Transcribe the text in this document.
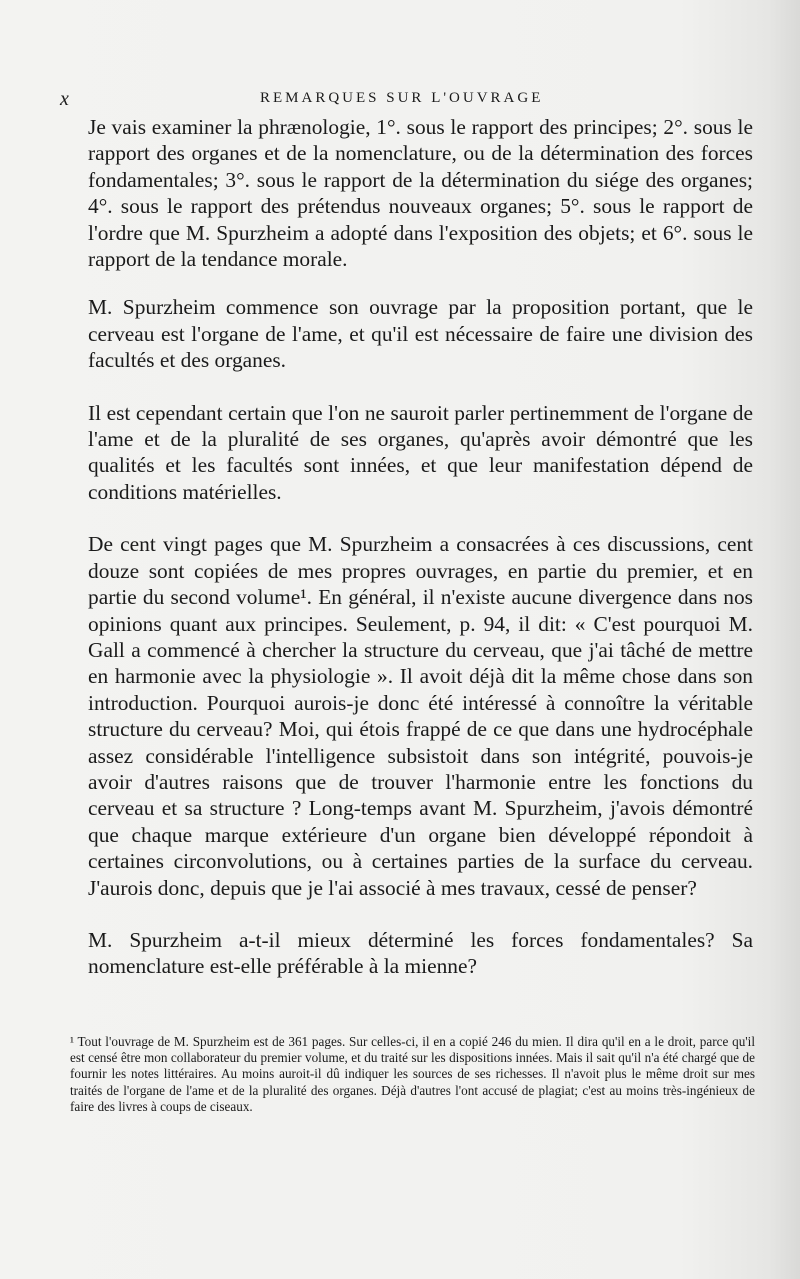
x	REMARQUES SUR L'OUVRAGE

Je vais examiner la phrænologie, 1°. sous le rapport des principes; 2°. sous le rapport des organes et de la nomenclature, ou de la détermination des forces fondamentales; 3°. sous le rapport de la détermination du siége des organes; 4°. sous le rapport des prétendus nouveaux organes; 5°. sous le rapport de l'ordre que M. Spurzheim a adopté dans l'exposition des objets; et 6°. sous le rapport de la tendance morale.

M. Spurzheim commence son ouvrage par la proposition portant, que le cerveau est l'organe de l'ame, et qu'il est nécessaire de faire une division des facultés et des organes.

Il est cependant certain que l'on ne sauroit parler pertinemment de l'organe de l'ame et de la pluralité de ses organes, qu'après avoir démontré que les qualités et les facultés sont innées, et que leur manifestation dépend de conditions matérielles.

De cent vingt pages que M. Spurzheim a consacrées à ces discussions, cent douze sont copiées de mes propres ouvrages, en partie du premier, et en partie du second volume¹. En général, il n'existe aucune divergence dans nos opinions quant aux principes. Seulement, p. 94, il dit: « C'est pourquoi M. Gall a commencé à chercher la structure du cerveau, que j'ai tâché de mettre en harmonie avec la physiologie ». Il avoit déjà dit la même chose dans son introduction. Pourquoi aurois-je donc été intéressé à connoître la véritable structure du cerveau? Moi, qui étois frappé de ce que dans une hydrocéphale assez considérable l'intelligence subsistoit dans son intégrité, pouvois-je avoir d'autres raisons que de trouver l'harmonie entre les fonctions du cerveau et sa structure ? Long-temps avant M. Spurzheim, j'avois démontré que chaque marque extérieure d'un organe bien développé répondoit à certaines circonvolutions, ou à certaines parties de la surface du cerveau. J'aurois donc, depuis que je l'ai associé à mes travaux, cessé de penser?

M. Spurzheim a-t-il mieux déterminé les forces fondamentales? Sa nomenclature est-elle préférable à la mienne?

¹ Tout l'ouvrage de M. Spurzheim est de 361 pages. Sur celles-ci, il en a copié 246 du mien. Il dira qu'il en a le droit, parce qu'il est censé être mon collaborateur du premier volume, et du traité sur les dispositions innées. Mais il sait qu'il n'a été chargé que de fournir les notes littéraires. Au moins auroit-il dû indiquer les sources de ses richesses. Il n'avoit plus le même droit sur mes traités de l'organe de l'ame et de la pluralité des organes. Déjà d'autres l'ont accusé de plagiat; c'est au moins très-ingénieux de faire des livres à coups de ciseaux.
